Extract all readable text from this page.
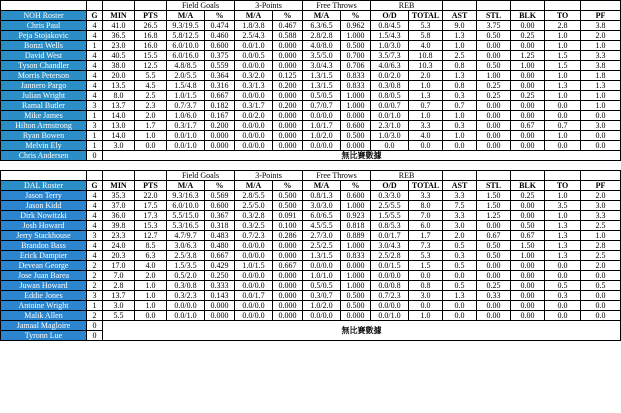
				Field Goals		3-Points		Free Throws		REB							
NOH Roster	G	MIN	PTS	M/A	%	M/A	%	M/A	%	O/D	TOTAL	AST	STL	BLK	TO	PF	
Chris Paul	4	41.0	26.5	9.3/19.5	0.474	1.8/3.8	0.467	6.3/6.5	0.962	0.8/4.5	5.3	9.0	3.75	0.00	2.8	3.8	
Peja Stojakovic	4	36.5	16.8	5.8/12.5	0.460	2.5/4.3	0.588	2.8/2.8	1.000	1.5/4.3	5.8	1.3	0.50	0.25	1.0	2.0	
Bonzi Wells	1	23.0	16.0	6.0/10.0	0.600	0.0/1.0	0.000	4.0/8.0	0.500	1.0/3.0	4.0	1.0	0.00	0.00	1.0	1.0	
David West	4	40.5	15.5	6.0/16.0	0.375	0.0/0.5	0.000	3.5/5.0	0.700	3.5/7.3	10.8	2.5	0.00	1.25	1.5	3.3	
Tyson Chandler	4	38.0	12.5	4.8/8.5	0.559	0.0/0.0	0.000	3.0/4.3	0.706	4.0/6.3	10.3	0.8	0.50	1.00	1.5	3.8	
Morris Peterson	4	20.0	5.5	2.0/5.5	0.364	0.3/2.0	0.125	1.3/1.5	0.833	0.0/2.0	2.0	1.3	1.00	0.00	1.0	1.8	
Jannero Pargo	4	13.5	4.5	1.5/4.8	0.316	0.3/1.3	0.200	1.3/1.5	0.833	0.3/0.8	1.0	0.8	0.25	0.00	1.3	1.3	
Julian Wright	4	8.0	2.5	1.0/1.5	0.667	0.0/0.0	0.000	0.5/0.5	1.000	0.8/0.5	1.3	0.3	0.25	0.25	1.0	1.0	
Ramal Butler	3	13.7	2.3	0.7/3.7	0.182	0.3/1.7	0.200	0.7/0.7	1.000	0.0/0.7	0.7	0.7	0.00	0.00	0.0	1.0	
Mike James	1	14.0	2.0	1.0/6.0	0.167	0.0/2.0	0.000	0.0/0.0	0.000	0.0/1.0	1.0	1.0	0.00	0.00	0.0	0.0	
Hilton Armstrong	3	13.0	1.7	0.3/1.7	0.200	0.0/0.0	0.000	1.0/1.7	0.600	2.3/1.0	3.3	0.3	0.00	0.67	0.7	3.0	
Ryan Bowen	1	14.0	1.0	0.0/1.0	0.000	0.0/0.0	0.000	1.0/2.0	0.500	1.0/3.0	4.0	1.0	0.00	0.00	1.0	0.0	
Melvin Ely	1	3.0	0.0	0.0/1.0	0.000	0.0/0.0	0.000	0.0/0.0	0.000	0.0	0.0	0.0	0.00	0.00	0.0	0.0	
Chris Andersen	0	無比賽數據															

				Field Goals		3-Points		Free Throws		REB							
DAL Roster	G	MIN	PTS	M/A	%	M/A	%	M/A	%	O/D	TOTAL	AST	STL	BLK	TO	PF	
Jason Terry	4	35.3	22.0	9.3/16.3	0.569	2.8/5.5	0.500	0.8/1.3	0.600	0.3/3.0	3.3	3.3	1.50	0.25	1.0	2.0	
Jason Kidd	4	37.0	17.5	6.0/10.0	0.600	2.5/5.0	0.500	3.0/3.0	1.000	2.5/5.5	8.0	7.5	1.50	0.00	3.5	3.0	
Dirk Nowitzki	4	36.0	17.3	5.5/15.0	0.367	0.3/2.8	0.091	6.0/6.5	0.923	1.5/5.5	7.0	3.3	1.25	0.00	1.0	3.3	
Josh Howard	4	39.8	15.3	5.3/16.5	0.318	0.3/2.5	0.100	4.5/5.5	0.818	0.8/5.3	6.0	3.0	0.00	0.50	1.3	2.5	
Jerry Stackhouse	3	23.3	12.7	4.7/9.7	0.483	0.7/2.3	0.286	2.7/3.0	0.889	0.0/1.7	1.7	2.0	0.67	0.67	1.3	1.0	
Brandon Bass	4	24.0	8.5	3.0/6.3	0.480	0.0/0.0	0.000	2.5/2.5	1.000	3.0/4.3	7.3	0.5	0.50	1.50	1.3	2.8	
Erick Dampier	4	20.3	6.3	2.5/3.8	0.667	0.0/0.0	0.000	1.3/1.5	0.833	2.5/2.8	5.3	0.3	0.50	1.00	1.3	2.5	
Devean George	2	17.0	4.0	1.5/3.5	0.429	1.0/1.5	0.667	0.0/0.0	0.000	0.0/1.5	1.5	0.5	0.00	0.00	0.0	2.0	
Jose Juan Barea	2	7.0	2.0	0.5/2.0	0.250	0.0/0.0	0.000	1.0/1.0	1.000	0.0/0.0	0.0	0.0	0.00	0.00	0.0	0.0	
Juwan Howard	2	2.8	1.0	0.3/0.8	0.333	0.0/0.0	0.000	0.5/0.5	1.000	0.0/0.8	0.8	0.5	0.25	0.00	0.5	0.5	
Eddie Jones	3	13.7	1.0	0.3/2.3	0.143	0.0/1.7	0.000	0.3/0.7	0.500	0.7/2.3	3.0	1.3	0.33	0.00	0.3	0.0	
Antoine Wright	1	3.0	1.0	0.0/0.0	0.000	0.0/0.0	0.000	1.0/2.0	0.500	0.0/0.0	0.0	0.0	0.00	0.00	0.0	0.0	
Malik Allen	2	5.5	0.0	0.0/1.0	0.000	0.0/0.0	0.000	0.0/0.0	0.000	0.0/1.0	1.0	0.0	0.00	0.00	0.0	0.0	
Jamaal Magloire	0	無比賽數據															
Tyronn Lue	0																
